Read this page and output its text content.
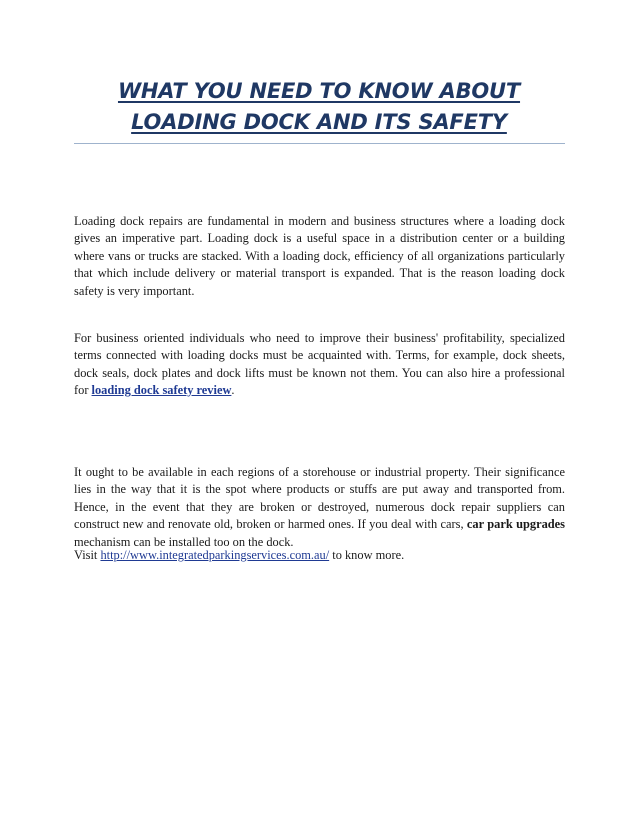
WHAT YOU NEED TO KNOW ABOUT
LOADING DOCK AND ITS SAFETY

Loading dock repairs are fundamental in modern and business structures where a loading dock gives an imperative part. Loading dock is a useful space in a distribution center or a building where vans or trucks are stacked. With a loading dock, efficiency of all organizations particularly that which include delivery or material transport is expanded. That is the reason loading dock safety is very important.

For business oriented individuals who need to improve their business' profitability, specialized terms connected with loading docks must be acquainted with. Terms, for example, dock sheets, dock seals, dock plates and dock lifts must be known not them. You can also hire a professional for loading dock safety review.

It ought to be available in each regions of a storehouse or industrial property. Their significance lies in the way that it is the spot where products or stuffs are put away and transported from. Hence, in the event that they are broken or destroyed, numerous dock repair suppliers can construct new and renovate old, broken or harmed ones. If you deal with cars, car park upgrades mechanism can be installed too on the dock.

Visit http://www.integratedparkingservices.com.au/ to know more.
